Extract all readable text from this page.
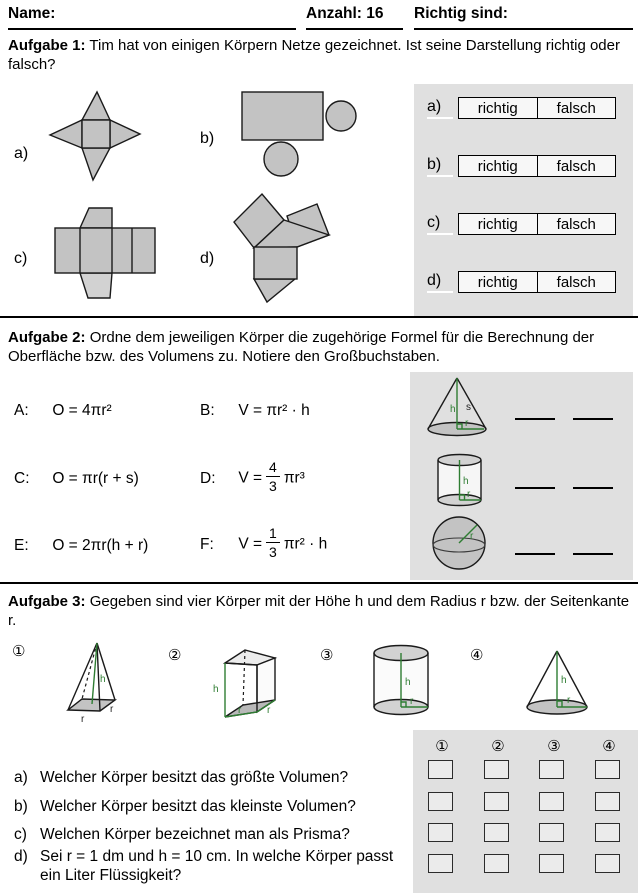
Name:	Anzahl: 16	Richtig sind:
Aufgabe 1: Tim hat von einigen Körpern Netze gezeichnet. Ist seine Darstellung richtig oder falsch?
a)
b)
c)	d)
a)	richtig	falsch
b)	richtig	falsch
c)	richtig	falsch
d)	richtig	falsch
Aufgabe 2: Ordne dem jeweiligen Körper die zugehörige Formel für die Berechnung der Oberfläche bzw. des Volumens zu. Notiere den Großbuchstaben.
A: O = 4πr²	B: V = πr² · h
C: O = πr(r + s)	D: $V = \frac{4}{3} \pi r^3$
E: O = 2πr(h + r)	F: $V = \frac{1}{3} \pi r^2 \cdot h$
h s
r
h
r
r
Aufgabe 3: Gegeben sind vier Körper mit der Höhe h und dem Radius r bzw. der Seitenkante r.
①
h
r
r
②
h
r	r
③
h
r
④
h
r
a) Welcher Körper besitzt das größte Volumen?
b) Welcher Körper besitzt das kleinste Volumen?
c) Welchen Körper bezeichnet man als Prisma?
d) Sei r = 1 dm und h = 10 cm. In welche Körper passt ein Liter Flüssigkeit?
①	②	③	④
